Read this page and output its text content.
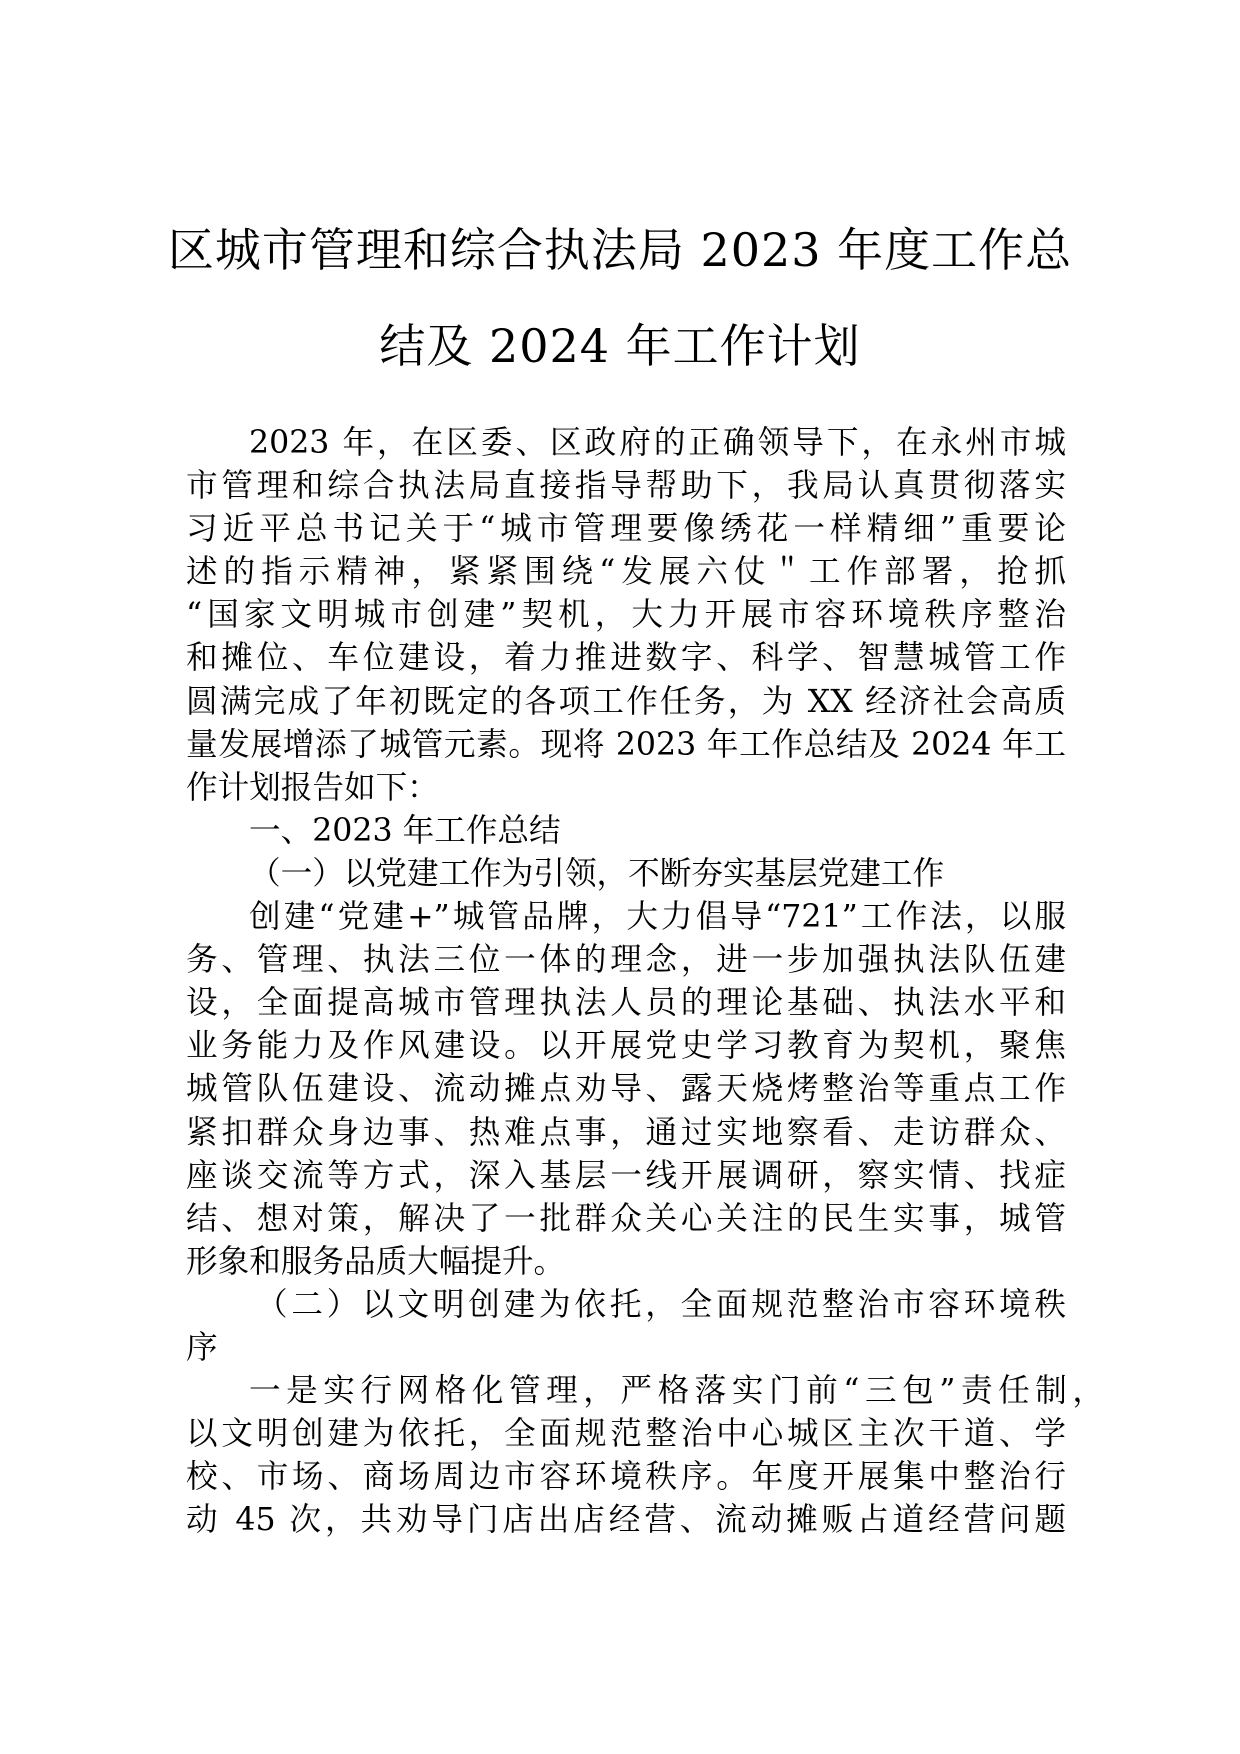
区城市管理和综合执法局 2023 年度工作总
结及 2024 年工作计划
2023 年，在区委、区政府的正确领导下，在永州市城
市管理和综合执法局直接指导帮助下，我局认真贯彻落实
习近平总书记关于“城市管理要像绣花一样精细”重要论
述的指示精神，紧紧围绕“发展六仗＂工作部署，抢抓
“国家文明城市创建”契机，大力开展市容环境秩序整治
和摊位、车位建设，着力推进数字、科学、智慧城管工作
圆满完成了年初既定的各项工作任务，为 XX 经济社会高质
量发展增添了城管元素。现将 2023 年工作总结及 2024 年工
作计划报告如下：
一、2023 年工作总结
（一）以党建工作为引领，不断夯实基层党建工作
创建“党建+”城管品牌，大力倡导“721”工作法，以服
务、管理、执法三位一体的理念，进一步加强执法队伍建
设，全面提高城市管理执法人员的理论基础、执法水平和
业务能力及作风建设。以开展党史学习教育为契机，聚焦
城管队伍建设、流动摊点劝导、露天烧烤整治等重点工作
紧扣群众身边事、热难点事，通过实地察看、走访群众、
座谈交流等方式，深入基层一线开展调研，察实情、找症
结、想对策，解决了一批群众关心关注的民生实事，城管
形象和服务品质大幅提升。
（二）以文明创建为依托，全面规范整治市容环境秩
序
一是实行网格化管理，严格落实门前“三包”责任制，
以文明创建为依托，全面规范整治中心城区主次干道、学
校、市场、商场周边市容环境秩序。年度开展集中整治行
动 45 次，共劝导门店出店经营、流动摊贩占道经营问题
